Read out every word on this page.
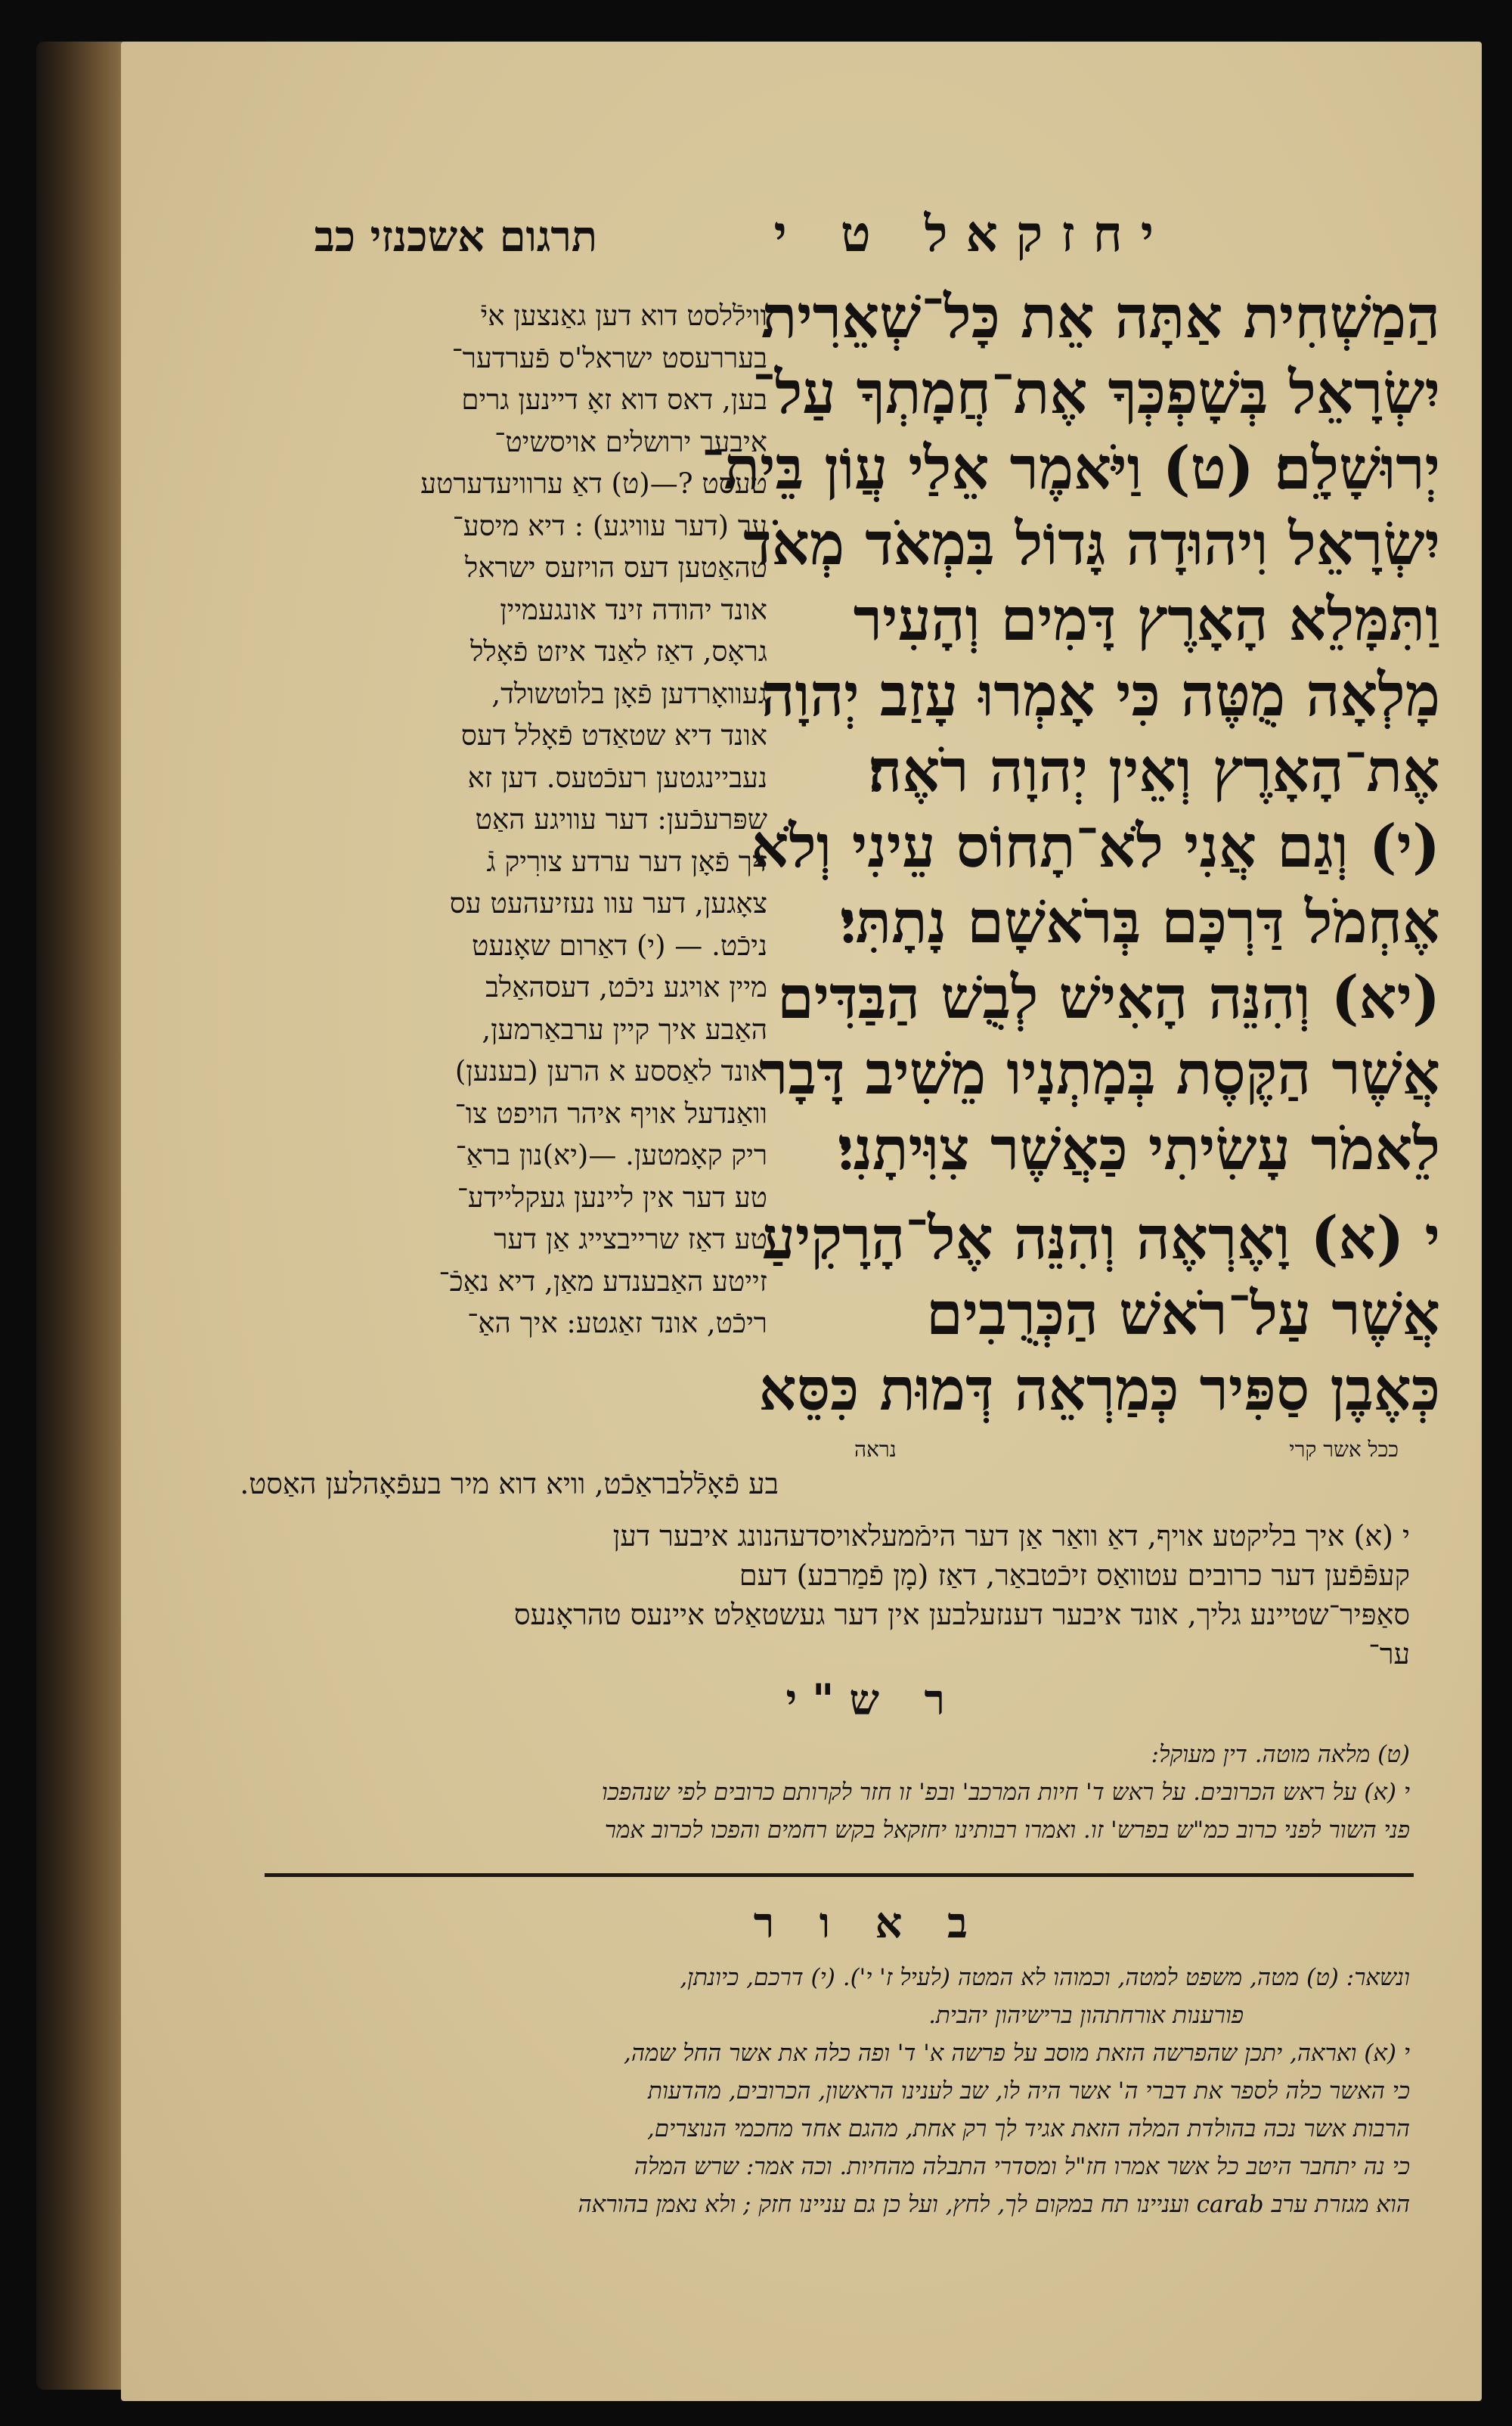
יחזקאל ט י
תרגום אשכנזי כב
הַמַשְׁחִית אַתָּה אֵת כָּל־שְׁאֵרִית
יִשְׂרָאֵל בְּשָׁפְכְּךָ אֶת־חֲמָתְךָ עַל־
יְרוּשָׁלִָם׃ (ט) וַיֹּאמֶר אֵלַי עֲוֹן בֵּית־
יִשְׂרָאֵל וִיהוּדָה גָּדוֹל בִּמְאֹד מְאֹד
וַתִּמָּלֵא הָאָרֶץ דָּמִים וְהָעִיר
מָלְאָה מֻטֶּה כִּי אָמְרוּ עָזַב יְהוָה
אֶת־הָאָרֶץ וְאֵין יְהוָה רֹאֶה׃
(י) וְגַם אֲנִי לֹא־תָחוֹס עֵינִי וְלֹא
אֶחְמֹל דַּרְכָּם בְּרֹאשָׁם נָתָתִּי׃
(יא) וְהִנֵּה הָאִישׁ לְבֻשׁ הַבַּדִּים
אֲשֶׁר הַקֶּסֶת בְּמָתְנָיו מֵשִׁיב דָּבָר
לֵאמֹר עָשִׂיתִי כַּאֲשֶׁר צִוִּיתָנִי׃
י (א) וָאֶרְאֶה וְהִנֵּה אֶל־הָרָקִיעַ
אֲשֶׁר עַל־רֹאשׁ הַכְּרֻבִים
כְּאֶבֶן סַפִּיר כְּמַרְאֵה דְּמוּת כִּסֵּא
ווילֿלסט דוא דען גאַנצען איֿ
בעררעסט ישראל'ס פֿערדער־
בען, דאס דוא זאָ דיינען גרים
איבער ירושלים אויסשיט־
טעסט ?—(ט) דאַ ערוויעדערטע
ער (דער עוויגע) : דיא מיסע־
טהאַטען דעס הויזעס ישראל
אונד יהודה זינד אונגעמיין
גראָס, דאַז לאַנד איזט פֿאָלל
געוואָרדען פֿאָן בלוטשולד,
אונד דיא שטאַדט פֿאָלל דעס
נעביינגטען רעכֿטעס. דען זא
שפּרעכֿען: דער עוויגע האַט
זיך פֿאָן דער ערדע צורִיק גֿ
צאָגען, דער עוו נעזיעהעט עס
ניכֿט. — (י) דאַרום שאָנעט
מיין אויגע ניכֿט, דעסהאַלב
האַבע איך קיין ערבאַרמען,
אונד לאַססע א הרען (בענען)
וואַנדעל אויף איהר הויפט צו־
ריק קאָמטען. —(יא)נון בראַ־
טע דער אין ליינען געקליידע־
טע דאַז שרייבצייג אַן דער
זייטע האַבענדע מאַן, דיא נאַכֿ־
ריכֿט, אונד זאַגטע: איך האַ־
ככל אשר קרי
נראה
בע פֿאָלֿלבראַכֿט, וויא דוא מיר בעפֿאָהלען האַסט.
י (א) איך בליקטע אויף, דאַ וואַר אַן דער הימֿמעלאויסדעהנונג איבער דען
קעפּֿפֿען דער כרובים עטוואַס זיכֿטבאַר, דאַז (מָן פֿמַרבע) דעם
סאַפּיר־שטיינע גליך, אונד איבער דענזעלבען אין דער געשטאַלט איינעס טהראָנעס
ער־
ר ש"י
(ט) מלאה מוטה. דין מעוקל:
י (א) על ראש הכרובים. על ראש ד' חיות המרכב' ובפ' זו חזר לקרותם כרובים לפי שנהפכו
פני השור לפני כרוב כמ"ש בפרש' זו. ואמרו רבותינו יחזקאל בקש רחמים והפכו לכרוב אמר
ב א ו ר
ונשאר: (ט) מטה, משפט למטה, וכמוהו לא המטה (לעיל ז' י'). (י) דרכם, כיונתן,
פורענות אורחתהון ברישיהון יהבית.
י (א) ואראה, יתכן שהפרשה הזאת מוסב על פרשה א' ד' ופה כלה את אשר החל שמה,
כי האשר כלה לספר את דברי ה' אשר היה לו, שב לענינו הראשון, הכרובים, מהדעות
הרבות אשר נכה בהולדת המלה הזאת אגיד לך רק אחת, מהגם אחד מחכמי הנוצרים,
כי נה יתחבר היטב כל אשר אמרו חז"ל ומסדרי התבלה מהחיות. וכה אמר: שרש המלה
הוא מגזרת ערב carab ועניינו תח במקום לך, לחץ, ועל כן גם עניינו חזק ; ולא נאמן בהוראה
